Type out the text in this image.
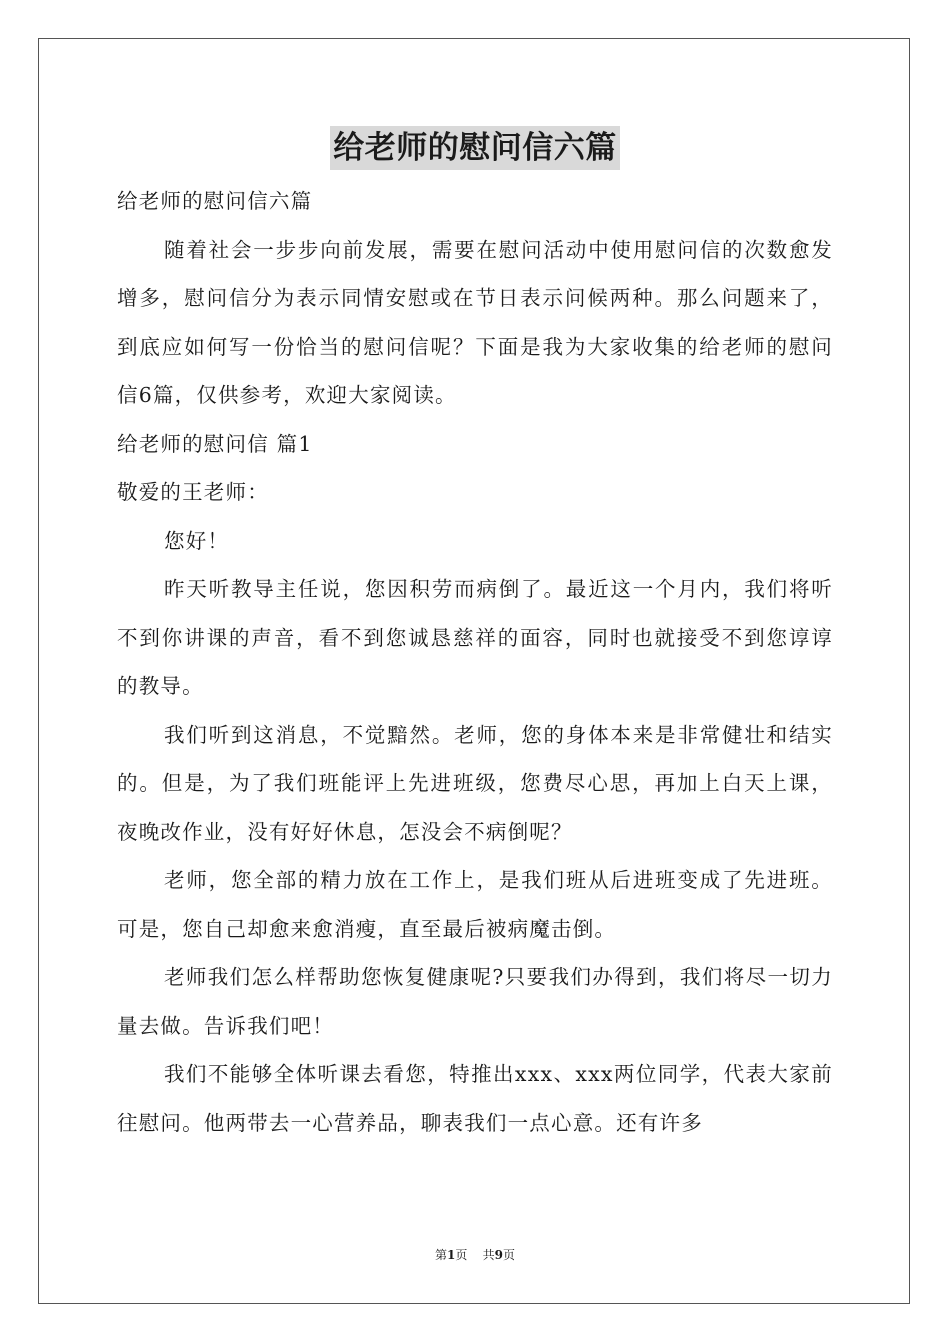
给老师的慰问信六篇

给老师的慰问信六篇

随着社会一步步向前发展，需要在慰问活动中使用慰问信的次数愈发增多，慰问信分为表示同情安慰或在节日表示问候两种。那么问题来了，到底应如何写一份恰当的慰问信呢？下面是我为大家收集的给老师的慰问信6篇，仅供参考，欢迎大家阅读。

给老师的慰问信 篇1

敬爱的王老师：

您好！

昨天听教导主任说，您因积劳而病倒了。最近这一个月内，我们将听不到你讲课的声音，看不到您诚恳慈祥的面容，同时也就接受不到您谆谆的教导。

我们听到这消息，不觉黯然。老师，您的身体本来是非常健壮和结实的。但是，为了我们班能评上先进班级，您费尽心思，再加上白天上课，夜晚改作业，没有好好休息，怎没会不病倒呢？

老师，您全部的精力放在工作上，是我们班从后进班变成了先进班。可是，您自己却愈来愈消瘦，直至最后被病魔击倒。

老师我们怎么样帮助您恢复健康呢?只要我们办得到，我们将尽一切力量去做。告诉我们吧！

我们不能够全体听课去看您，特推出xxx、xxx两位同学，代表大家前往慰问。他两带去一心营养品，聊表我们一点心意。还有许多

第1页 共9页
